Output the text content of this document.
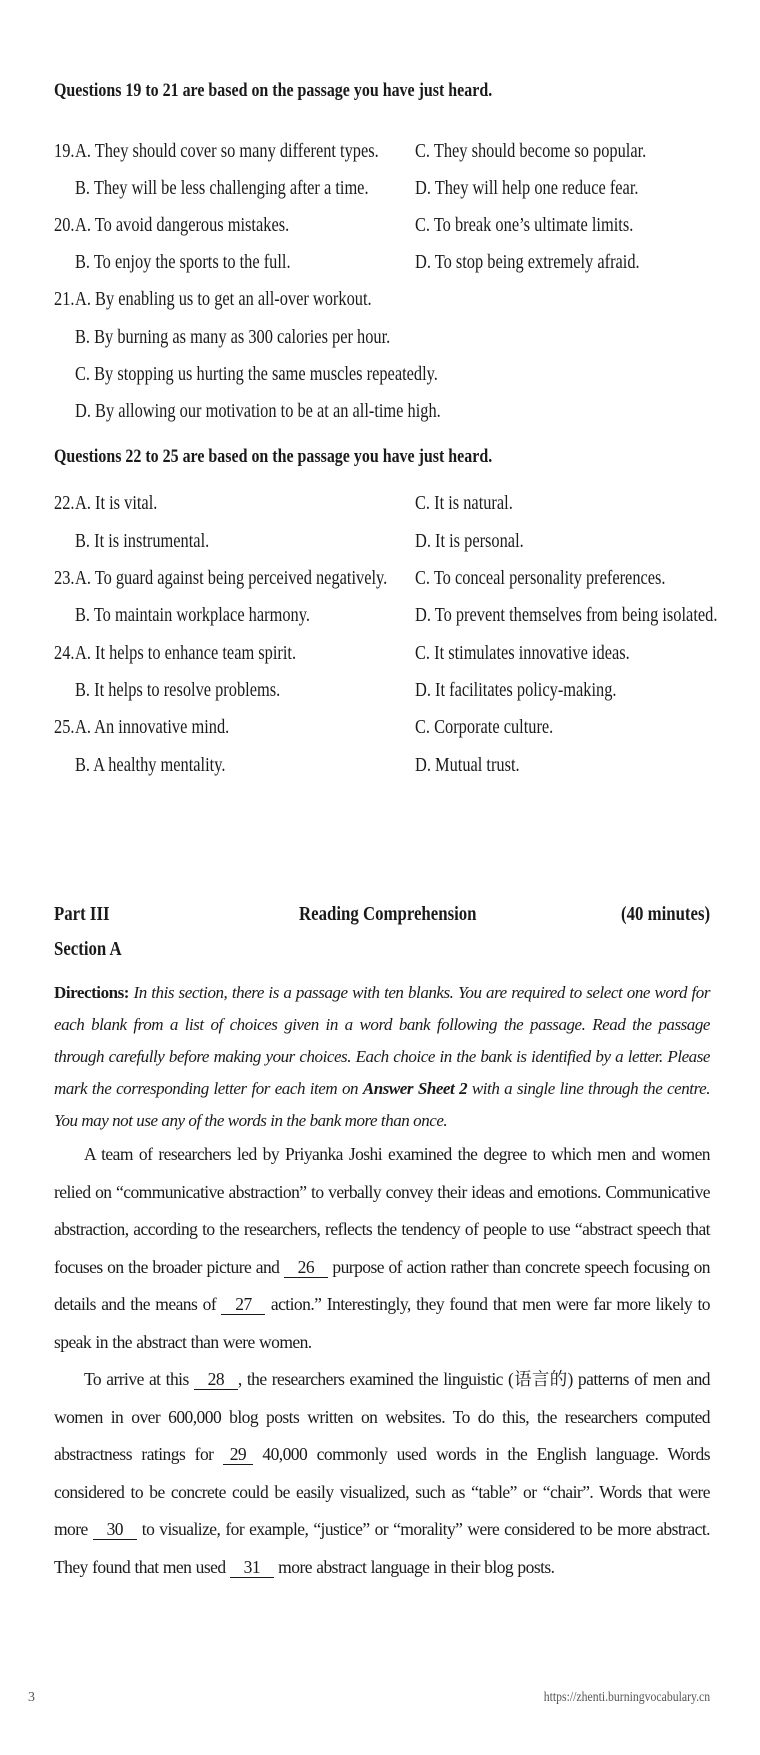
Questions 19 to 21 are based on the passage you have just heard.
19. A. They should cover so many different types. C. They should become so popular.
B. They will be less challenging after a time. D. They will help one reduce fear.
20. A. To avoid dangerous mistakes.	C. To break one’s ultimate limits.
B. To enjoy the sports to the full.	D. To stop being extremely afraid.
21. A. By enabling us to get an all-over workout.
B. By burning as many as 300 calories per hour.
C. By stopping us hurting the same muscles repeatedly.
D. By allowing our motivation to be at an all-time high.
Questions 22 to 25 are based on the passage you have just heard.
22. A. It is vital.	C. It is natural.
B. It is instrumental.	D. It is personal.
23. A. To guard against being perceived negatively. C. To conceal personality preferences.
B. To maintain workplace harmony.	D. To prevent themselves from being isolated.
24. A. It helps to enhance team spirit.	C. It stimulates innovative ideas.
B. It helps to resolve problems.	D. It facilitates policy-making.
25. A. An innovative mind.	C. Corporate culture.
B. A healthy mentality.	D. Mutual trust.
Part III	Reading Comprehension	(40 minutes)
Section A
Directions: In this section, there is a passage with ten blanks. You are required to select one word for each blank from a list of choices given in a word bank following the passage. Read the passage through carefully before making your choices. Each choice in the bank is identified by a letter. Please mark the corresponding letter for each item on Answer Sheet 2 with a single line through the centre. You may not use any of the words in the bank more than once.
A team of researchers led by Priyanka Joshi examined the degree to which men and women relied on “communicative abstraction” to verbally convey their ideas and emotions. Communicative abstraction, according to the researchers, reflects the tendency of people to use “abstract speech that focuses on the broader picture and 26 purpose of action rather than concrete speech focusing on details and the means of 27 action.” Interestingly, they found that men were far more likely to speak in the abstract than were women.
To arrive at this 28 , the researchers examined the linguistic (语言的) patterns of men and women in over 600,000 blog posts written on websites. To do this, the researchers computed abstractness ratings for 29 40,000 commonly used words in the English language. Words considered to be concrete could be easily visualized, such as “table” or “chair”. Words that were more 30 to visualize, for example, “justice” or “morality” were considered to be more abstract. They found that men used 31 more abstract language in their blog posts.
3	https://zhenti.burningvocabulary.cn
